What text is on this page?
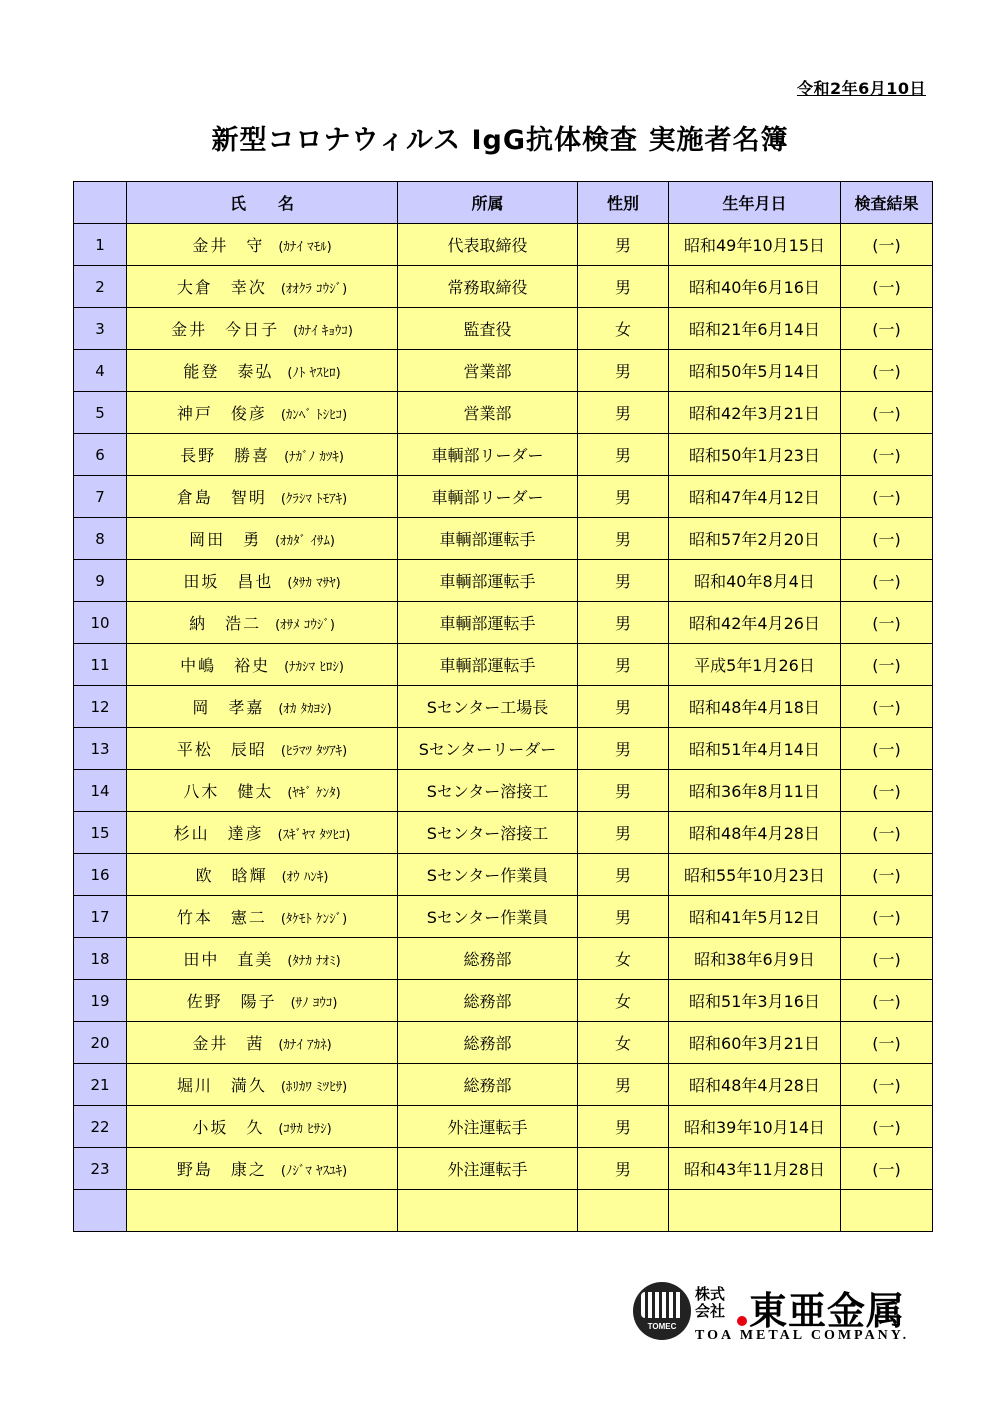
令和2年6月10日
新型コロナウィルス IgG抗体検査 実施者名簿
	氏　　名	所属	性別	生年月日	検査結果
1	金井　守 (ｶﾅｲ ﾏﾓﾙ)	代表取締役	男	昭和49年10月15日	(一)
2	大倉　幸次 (ｵｵｸﾗ ｺｳｼﾞ)	常務取締役	男	昭和40年6月16日	(一)
3	金井　今日子 (ｶﾅｲ ｷｮｳｺ)	監査役	女	昭和21年6月14日	(一)
4	能登　泰弘 (ﾉﾄ ﾔｽﾋﾛ)	営業部	男	昭和50年5月14日	(一)
5	神戸　俊彦 (ｶﾝﾍﾞ ﾄｼﾋｺ)	営業部	男	昭和42年3月21日	(一)
6	長野　勝喜 (ﾅｶﾞﾉ ｶﾂｷ)	車輌部リーダー	男	昭和50年1月23日	(一)
7	倉島　智明 (ｸﾗｼﾏ ﾄﾓｱｷ)	車輌部リーダー	男	昭和47年4月12日	(一)
8	岡田　勇 (ｵｶﾀﾞ ｲｻﾑ)	車輌部運転手	男	昭和57年2月20日	(一)
9	田坂　昌也 (ﾀｻｶ ﾏｻﾔ)	車輌部運転手	男	昭和40年8月4日	(一)
10	納　浩二 (ｵｻﾒ ｺｳｼﾞ)	車輌部運転手	男	昭和42年4月26日	(一)
11	中嶋　裕史 (ﾅｶｼﾏ ﾋﾛｼ)	車輌部運転手	男	平成5年1月26日	(一)
12	岡　孝嘉 (ｵｶ ﾀｶﾖｼ)	Sセンター工場長	男	昭和48年4月18日	(一)
13	平松　辰昭 (ﾋﾗﾏﾂ ﾀﾂｱｷ)	Sセンターリーダー	男	昭和51年4月14日	(一)
14	八木　健太 (ﾔｷﾞ ｹﾝﾀ)	Sセンター溶接工	男	昭和36年8月11日	(一)
15	杉山　達彦 (ｽｷﾞﾔﾏ ﾀﾂﾋｺ)	Sセンター溶接工	男	昭和48年4月28日	(一)
16	欧　晗輝 (ｵｳ ﾊﾝｷ)	Sセンター作業員	男	昭和55年10月23日	(一)
17	竹本　憲二 (ﾀｹﾓﾄ ｹﾝｼﾞ)	Sセンター作業員	男	昭和41年5月12日	(一)
18	田中　直美 (ﾀﾅｶ ﾅｵﾐ)	総務部	女	昭和38年6月9日	(一)
19	佐野　陽子 (ｻﾉ ﾖｳｺ)	総務部	女	昭和51年3月16日	(一)
20	金井　茜 (ｶﾅｲ ｱｶﾈ)	総務部	女	昭和60年3月21日	(一)
21	堀川　満久 (ﾎﾘｶﾜ ﾐﾂﾋｻ)	総務部	男	昭和48年4月28日	(一)
22	小坂　久 (ｺｻｶ ﾋｻｼ)	外注運転手	男	昭和39年10月14日	(一)
23	野島　康之 (ﾉｼﾞﾏ ﾔｽﾕｷ)	外注運転手	男	昭和43年11月28日	(一)

TOMEC
株式会社 東亜金属
TOA METAL COMPANY.
